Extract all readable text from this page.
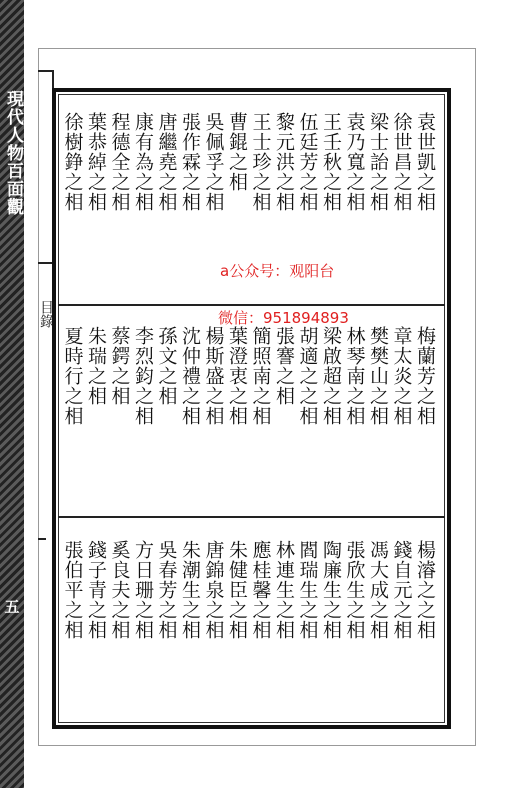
現代人物百面觀
五
目錄
袁世凱之相
徐世昌之相
梁士詒之相
袁乃寬之相
王壬秋之相
伍廷芳之相
黎元洪之相
王士珍之相
曹錕之相
吳佩孚之相
張作霖之相
唐繼堯之相
康有為之相
程德全之相
葉恭綽之相
徐樹錚之相
梅蘭芳之相
章太炎之相
樊樊山之相
林琴南之相
梁啟超之相
胡適之之相
張謇之相
簡照南之相
葉澄衷之相
楊斯盛之相
沈仲禮之相
孫文之相
李烈鈞之相
蔡鍔之相
朱瑞之相
夏時行之相
楊濬之之相
錢自元之相
馮大成之相
張欣生之相
陶廉生之相
閻瑞生之相
林連生之相
應桂馨之相
朱健臣之相
唐錦泉之相
朱潮生之相
吳春芳之相
方日珊之相
奚良夫之相
錢子青之相
張伯平之相
a公众号：观阳台
微信：951894893
